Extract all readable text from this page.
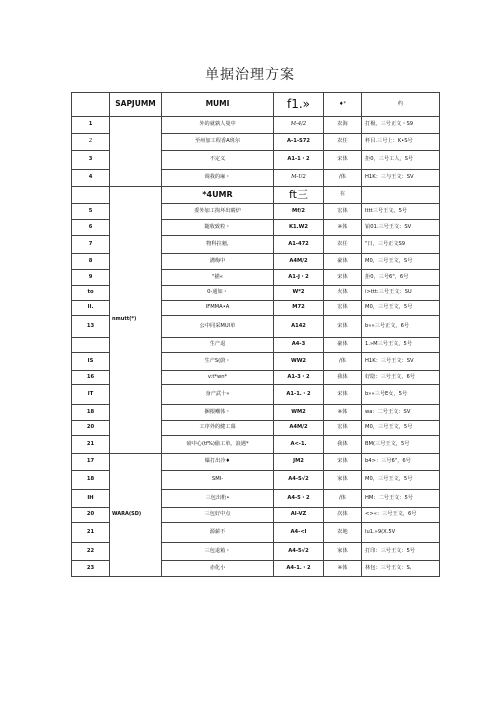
单据治理方案
	SAPJUMM	MUMI	f1.»	♦*	约
1		外的就孰人曼中	M-4/2	农海	打极，三号正文・S9
2		至州加工程香A班尔	A-1-S72	农任	杯目.三号上：K•S号
3		不定义	A1-1・2	宋体	拒0，三号工人，S号
4		调我的麻・	M-U2	/体	H1K：三与王文：SV
	nmutt(*)	*4UMR	ft三	在	
5		委外加工拘坏出睛炉	Mf/2	宏体	Ittt三号王文，5号
6		随收致粒・	K1.W2	※体	铂01.三号王文：SV
7		物科拄魁,	A1-472	农任	"日，三号正文S9
8		溝梅中	A4M/2	豪体	M0，三号王文，S号
9		"描«	A1-J・2	宋体	拒0，三号6"，6号
to		0-通如・	W*2	火体	i>ttt:三号王文：SU
Il.		IFMMA•A	M72	宏体	M0，三号王文，5号
13		公中同采MUl单	A142	宋体	b«»三号正文，6号
		生产退	A4-3	豪体	1.»M三号王文，5号
IS		生产S(蔚・	WW2	/体	H1K：三号王文：SV
16		v:t*wn*	A1-3・2	我体	好隐：三号王文，6号
IT		身产武十«	A1-1.・2	宋体	b»»三号E女，5号
18		捆根嘲体・	WM2	※体	wa：二号王文：SV
20		工序外的健工幕	A4M/2	宏体	M0，三号王文，5号
21		磅中心(tf%)偷工单。浪遇*	A<-1.	我体	BM(三号王文，5号
17	WARA(SD)	爆打出冷♦	JM2	宋体	b4>：三号6"，6号
18		SMI-	A4-S√2	家体	M0，三号王文，5号
IH		三包出桁•	A4-5・2	/体	HM：二号王文：5号
20		三包好中点	AI-VZ	次体	<>«：三号王文，6号
21		源薪不	A4-<l	农地	lu1.»9(X.5V
22		三包退箱・	A4-5√2	家体	打印：三号王文：5号
23		赤化小	A4-1.・2	※体	林包：三号王文：S,
